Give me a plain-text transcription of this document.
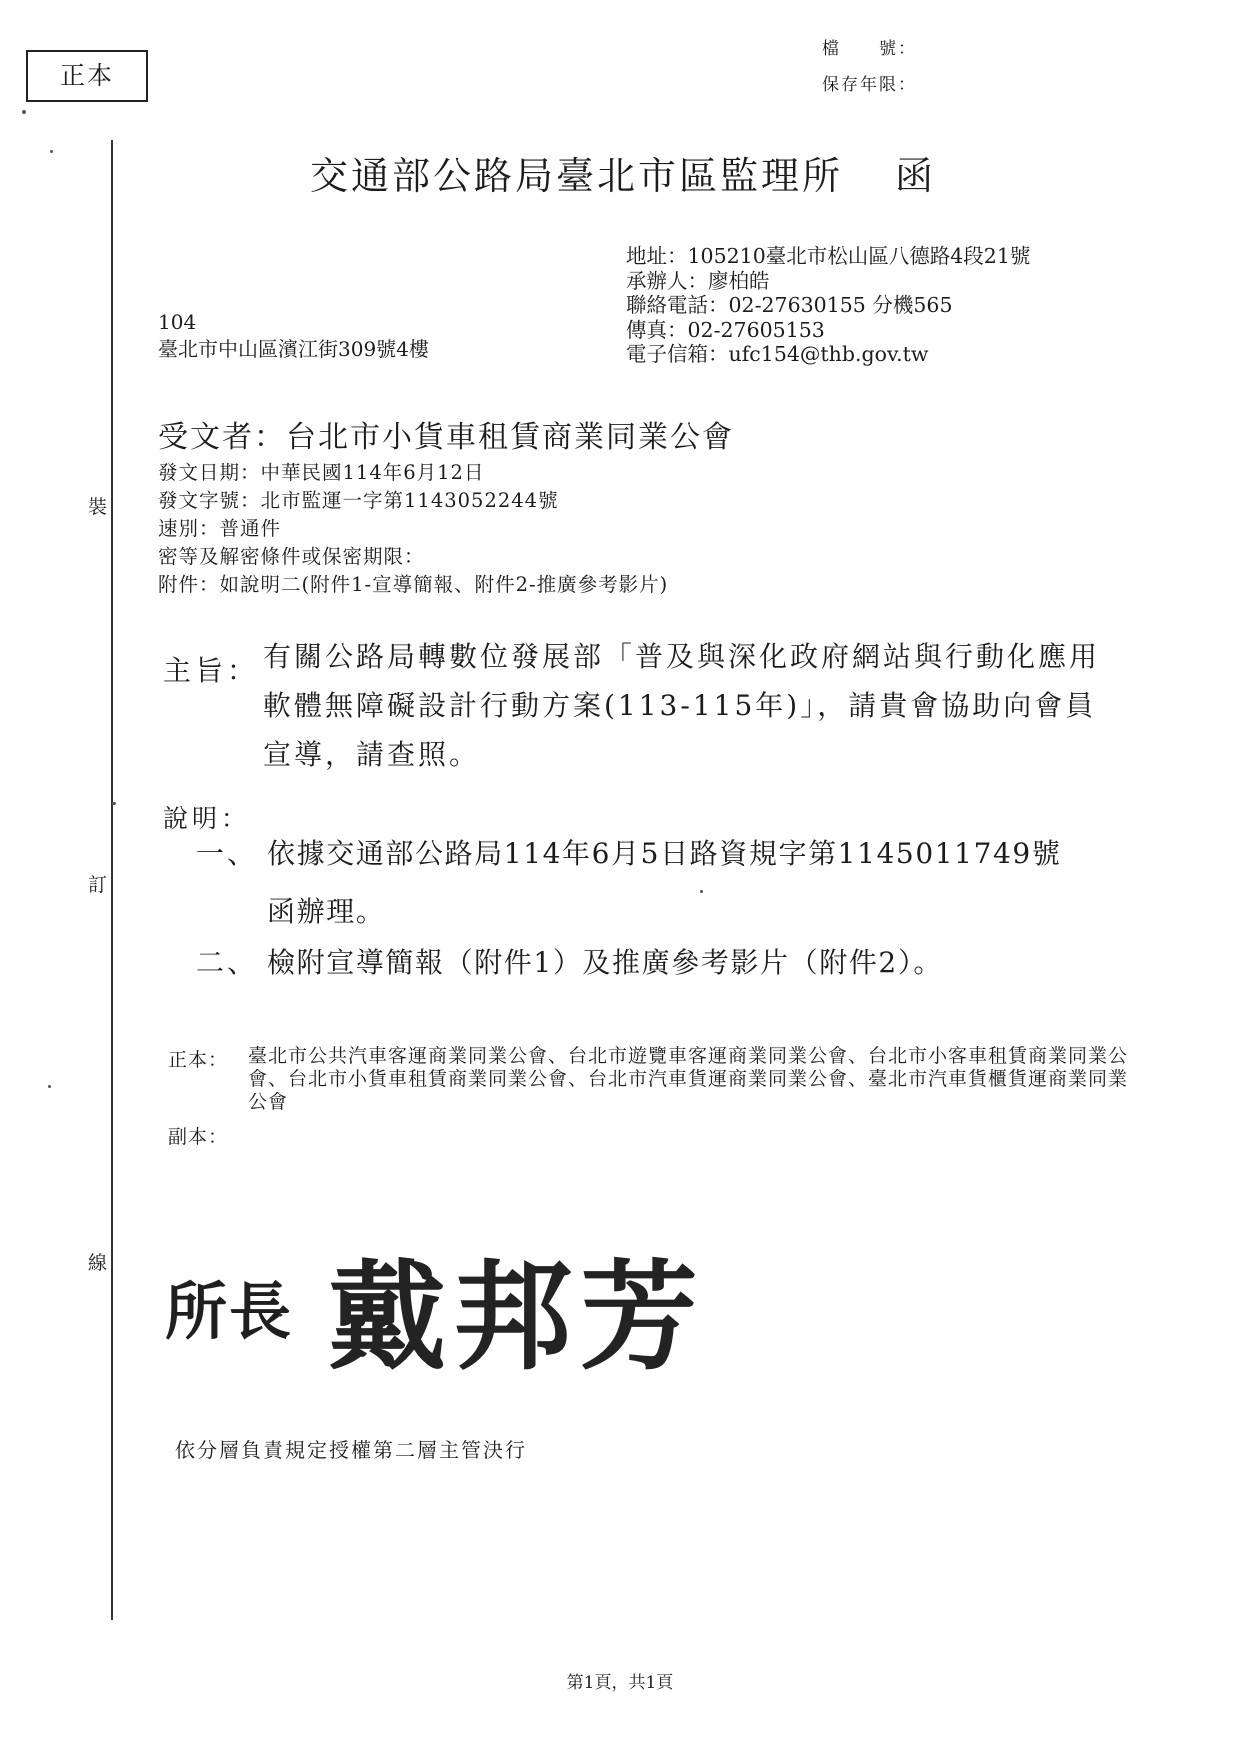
正本
檔　　號：
保存年限：
裝
訂
線
交通部公路局臺北市區監理所 函
地址：105210臺北市松山區八德路4段21號
承辦人：廖柏皓
聯絡電話：02-27630155 分機565
傳真：02-27605153
電子信箱：ufc154@thb.gov.tw
104
臺北市中山區濱江街309號4樓
受文者：台北市小貨車租賃商業同業公會
發文日期：中華民國114年6月12日
發文字號：北市監運一字第1143052244號
速別：普通件
密等及解密條件或保密期限：
附件：如說明二(附件1-宣導簡報、附件2-推廣參考影片)
主旨： 有關公路局轉數位發展部「普及與深化政府網站與行動化應用軟體無障礙設計行動方案(113-115年)」，請貴會協助向會員宣導，請查照。
說明：
一、 依據交通部公路局114年6月5日路資規字第1145011749號
函辦理。
二、 檢附宣導簡報（附件1）及推廣參考影片（附件2）。
正本： 臺北市公共汽車客運商業同業公會、台北市遊覽車客運商業同業公會、台北市小客車租賃商業同業公會、台北市小貨車租賃商業同業公會、台北市汽車貨運商業同業公會、臺北市汽車貨櫃貨運商業同業公會
副本：
所長 戴邦芳
依分層負責規定授權第二層主管決行
第1頁，共1頁
